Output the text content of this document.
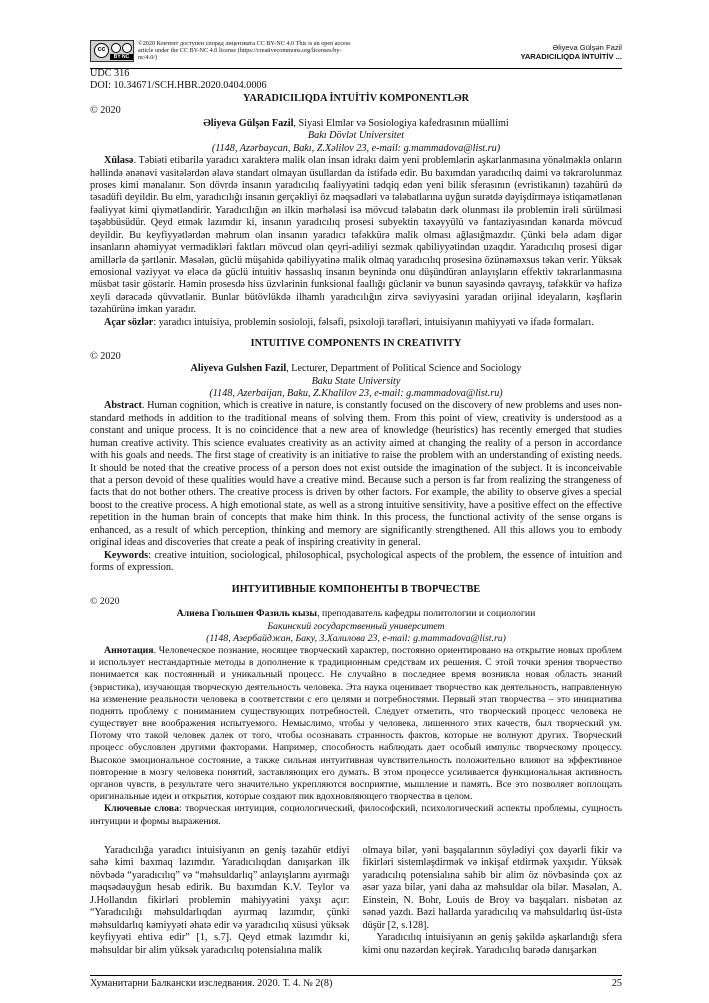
cc
BY NC
©2020 Контент доступен спорад лицензиата CC BY-NC 4.0 This is an open access article under the CC BY-NC 4.0 license (https://creativecommons.org/licenses/by-nc/4.0/)
Əliyeva Gülşən Fazil
YARADICILIQDA İNTUİTİV ...

UDC 316

DOI: 10.34671/SCH.HBR.2020.0404.0006

YARADICILIQDA İNTUİTİV KOMPONENTLƏR

© 2020

Əliyeva Gülşən Fazil, Siyasi Elmlər və Sosiologiya kafedrasının müəllimi

Bakı Dövlət Universitet

(1148, Azərbaycan, Bakı, Z.Xəlilov 23, e-mail: g.mammadova@list.ru)

Xülasə. Təbiəti etibarilə yaradıcı xarakterə malik olan insan idrakı daim yeni problemlərin aşkarlanmasına yönəlməklə onların həllində ənənəvi vasitələrdən əlavə standart olmayan üsullardan da istifadə edir. Bu baxımdan yaradıcılıq daimi və təkrarolunmaz proses kimi mənalanır. Son dövrdə insanın yaradıcılıq fəaliyyətini tədqiq edən yeni bilik sferasının (evristikanın) təzahürü də təsadüfi deyildir. Bu elm, yaradıcılığı insanın gerçəkliyi öz məqsədləri və tələbatlarına uyğun surətdə dəyişdirməyə istiqamətlənən fəaliyyət kimi qiymətləndirir. Yaradıcılığın ən ilkin mərhələsi isə mövcud tələbatın dərk olunması ilə problemin irəli sürülməsi təşəbbüsüdür. Qeyd etmək lazımdır ki, insanın yaradıcılıq prosesi subyektin təxəyyülü və fantaziyasından kənarda mövcud deyildir. Bu keyfiyyətlərdən məhrum olan insanın yaradıcı təfəkkürə malik olması ağlasığmazdır. Çünki belə adam digər insanların əhəmiyyət vermədikləri faktları mövcud olan qeyri-adiliyi sezmək qabiliyyətindən uzaqdır. Yaradıcılıq prosesi digər amillərlə də şərtlənir. Məsələn, güclü müşahidə qabiliyyətinə malik olmaq yaradıcılıq prosesinə özünəməxsus təkan verir. Yüksək emosional vəziyyət və eləcə də güclü intuitiv həssaslıq insanın beynində onu düşündürən anlayışların effektiv təkrarlanmasına müsbət təsir göstərir. Həmin prosesdə hiss üzvlərinin funksional fəallığı güclənir və bunun sayəsində qavrayış, təfəkkür və hafizə xeyli dərəcədə qüvvətlənir. Bunlar bütövlükdə ilhamlı yaradıcılığın zirvə səviyyəsini yaradan orijinal ideyaların, kəşflərin təzahürünə imkan yaradır.

Açar sözlər: yaradıcı intuisiya, problemin sosioloji, fəlsəfi, psixoloji tərəfləri, intuisiyanın mahiyyəti və ifadə formaları.

INTUITIVE COMPONENTS IN CREATIVITY

© 2020

Aliyeva Gulshen Fazil, Lecturer, Department of Political Science and Sociology

Baku State University

(1148, Azerbaijan, Baku, Z.Khalilov 23, e-mail: g.mammadova@list.ru)

Abstract. Human cognition, which is creative in nature, is constantly focused on the discovery of new problems and uses non-standard methods in addition to the traditional means of solving them. From this point of view, creativity is understood as a constant and unique process. It is no coincidence that a new area of knowledge (heuristics) has recently emerged that studies human creative activity. This science evaluates creativity as an activity aimed at changing the reality of a person in accordance with his goals and needs. The first stage of creativity is an initiative to raise the problem with an understanding of existing needs. It should be noted that the creative process of a person does not exist outside the imagination of the subject. It is inconceivable that a person devoid of these qualities would have a creative mind. Because such a person is far from realizing the strangeness of facts that do not bother others. The creative process is driven by other factors. For example, the ability to observe gives a special boost to the creative process. A high emotional state, as well as a strong intuitive sensitivity, have a positive effect on the effective repetition in the human brain of concepts that make him think. In this process, the functional activity of the sense organs is enhanced, as a result of which perception, thinking and memory are significantly strengthened. All this allows you to embody original ideas and discoveries that create a peak of inspiring creativity in general.

Keywords: creative intuition, sociological, philosophical, psychological aspects of the problem, the essence of intuition and forms of expression.

ИНТУИТИВНЫЕ КОМПОНЕНТЫ В ТВОРЧЕСТВЕ

© 2020

Алиева Гюльшен Фазиль кызы, преподаватель кафедры политологии и социологии

Бакинский государственный университет

(1148, Азербайджан, Баку, З.Халилова 23, e-mail: g.mammadova@list.ru)

Аннотация. Человеческое познание, носящее творческий характер, постоянно ориентировано на открытие новых проблем и использует нестандартные методы в дополнение к традиционным средствам их решения. С этой точки зрения творчество понимается как постоянный и уникальный процесс. Не случайно в последнее время возникла новая область знаний (эвристика), изучающая творческую деятельность человека. Эта наука оценивает творчество как деятельность, направленную на изменение реальности человека в соответствии с его целями и потребностями. Первый этап творчества – это инициатива поднять проблему с пониманием существующих потребностей. Следует отметить, что творческий процесс человека не существует вне воображения испытуемого. Немыслимо, чтобы у человека, лишенного этих качеств, был творческий ум. Потому что такой человек далек от того, чтобы осознавать странность фактов, которые не волнуют других. Творческий процесс обусловлен другими факторами. Например, способность наблюдать дает особый импульс творческому процессу. Высокое эмоциональное состояние, а также сильная интуитивная чувствительность положительно влияют на эффективное повторение в мозгу человека понятий, заставляющих его думать. В этом процессе усиливается функциональная активность органов чувств, в результате чего значительно укрепляются восприятие, мышление и память. Все это позволяет воплощать оригинальные идеи и открытия, которые создают пик вдохновляющего творчества в целом.

Ключевые слова: творческая интуиция, социологический, философский, психологический аспекты проблемы, сущность интуиции и формы выражения.

Yaradıcılığa yaradıcı intuisiyanın ən geniş təzahür etdiyi sahə kimi baxmaq lazımdır. Yaradıcılıqdan danışarkən ilk növbədə “yaradıcılıq” və “məhsuldarlıq” anlayışlarını ayırmağı məqsədəuyğun hesab edirik. Bu baxımdan K.V. Teylor və J.Hollandın fikirləri problemin mahiyyətini yaxşı açır: “Yaradıcılığı məhsuldarlıqdan ayırmaq lazımdır, çünki məhsuldarlıq kəmiyyəti əhatə edir və yaradıcılıq xüsusi yüksək keyfiyyəti ehtiva edir” [1, s.7]. Qeyd etmək lazımdır ki, məhsuldar bir alim yüksək yaradıcılıq potensialına malik

olmaya bilər, yəni başqalarının söylədiyi çox dəyərli fikir və fikirləri sistemləşdirmək və inkişaf etdirmək yaxşıdır. Yüksək yaradıcılıq potensialına sahib bir alim öz növbəsində çox az əsər yaza bilər, yəni daha az məhsuldar ola bilər. Məsələn, A. Einstein, N. Bohr, Louis de Broy və başqaları. nisbətən az sənəd yazdı. Bəzi hallarda yaradıcılıq və məhsuldarlıq üst-üstə düşür [2, s.128].

Yaradıcılıq intuisiyanın ən geniş şəkildə aşkarlandığı sfera kimi onu nəzərdən keçirək. Yaradıcılıq barədə danışarkən

Хуманитарни Балкански изследвания. 2020. Т. 4. № 2(8)	25
